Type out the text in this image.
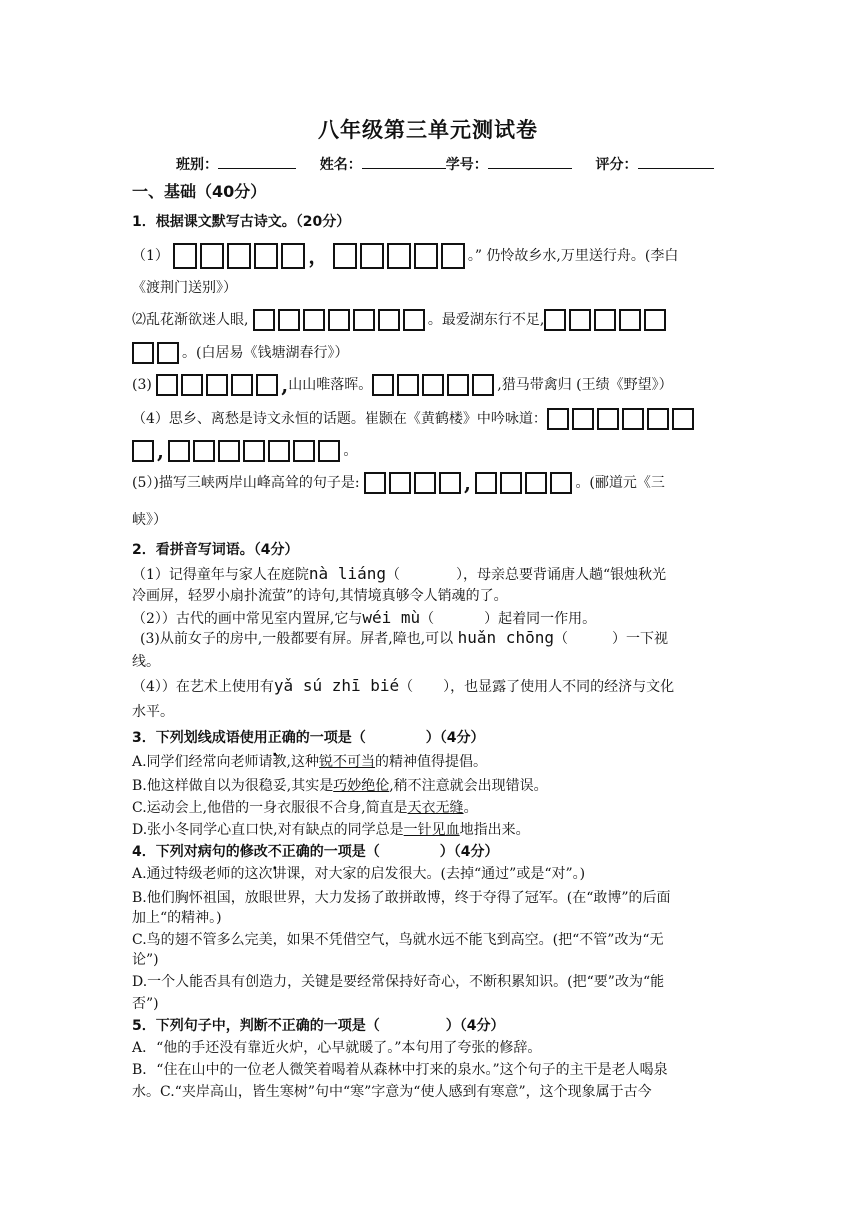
八年级第三单元测试卷
班别：	姓名：	学号：	评分：
一、基础（40分）
1．根据课文默写古诗文。（20分）
（1）	，	。” 仍怜故乡水,万里送行舟。(李白
《渡荆门送别》）
⑵乱花渐欲迷人眼,	。最爱湖东行不足,
。(白居易《钱塘湖春行》）
(3)	,山山唯落晖。	,猎马带禽归 (王绩《野望》）
（4）思乡、离愁是诗文永恒的话题。崔颢在《黄鹤楼》中吟咏道：
,	。
(5）)描写三峡两岸山峰高耸的句子是:	,	。(郦道元《三
峡》）
2．看拼音写词语。（4分）
（1）记得童年与家人在庭院nà liáng（	），母亲总要背诵唐人趟“银烛秋光
冷画屏，轻罗小扇扑流萤”的诗句,其情境真够令人销魂的了。
（2））古代的画中常见室内置屏,它与wéi mù（	）起着同一作用。
(3)从前女子的房中,一般都要有屏。屏者,障也,可以 huǎn chōng（	）一下视
线。
（4））在艺术上使用有yǎ sú zhī bié（ ），也显露了使用人不同的经济与文化
水平。
3．下列划线成语使用正确的一项是（	）（4分）
A.同学们经常向老师请教,这种锐不可当的精神值得提倡。
B.他这样做自以为很稳妥,其实是巧妙绝伦,稍不注意就会出现错误。
C.运动会上,他借的一身衣服很不合身,简直是天衣无缝。
D.张小冬同学心直口快,对有缺点的同学总是一针见血地指出来。
4．下列对病句的修改不正确的一项是（	）（4分）
A.通过特级老师的这次讲课，对大家的启发很大。(去掉“通过”或是“对”。)
B.他们胸怀祖国，放眼世界，大力发扬了敢拼敢博，终于夺得了冠军。(在“敢博”的后面
加上“的精神。)
C.鸟的翅不管多么完美，如果不凭借空气，鸟就水远不能飞到高空。(把“不管”改为“无
论”)
D.一个人能否具有创造力，关键是要经常保持好奇心，不断积累知识。(把“要”改为“能
否”)
5．下列句子中，判断不正确的一项是（	）（4分）
A．“他的手还没有靠近火炉，心早就暖了。”本句用了夸张的修辞。
B．“住在山中的一位老人微笑着喝着从森林中打来的泉水。”这个句子的主干是老人喝泉
水。C.“夹岸高山，皆生寒树”句中“寒”字意为“使人感到有寒意”，这个现象属于古今
